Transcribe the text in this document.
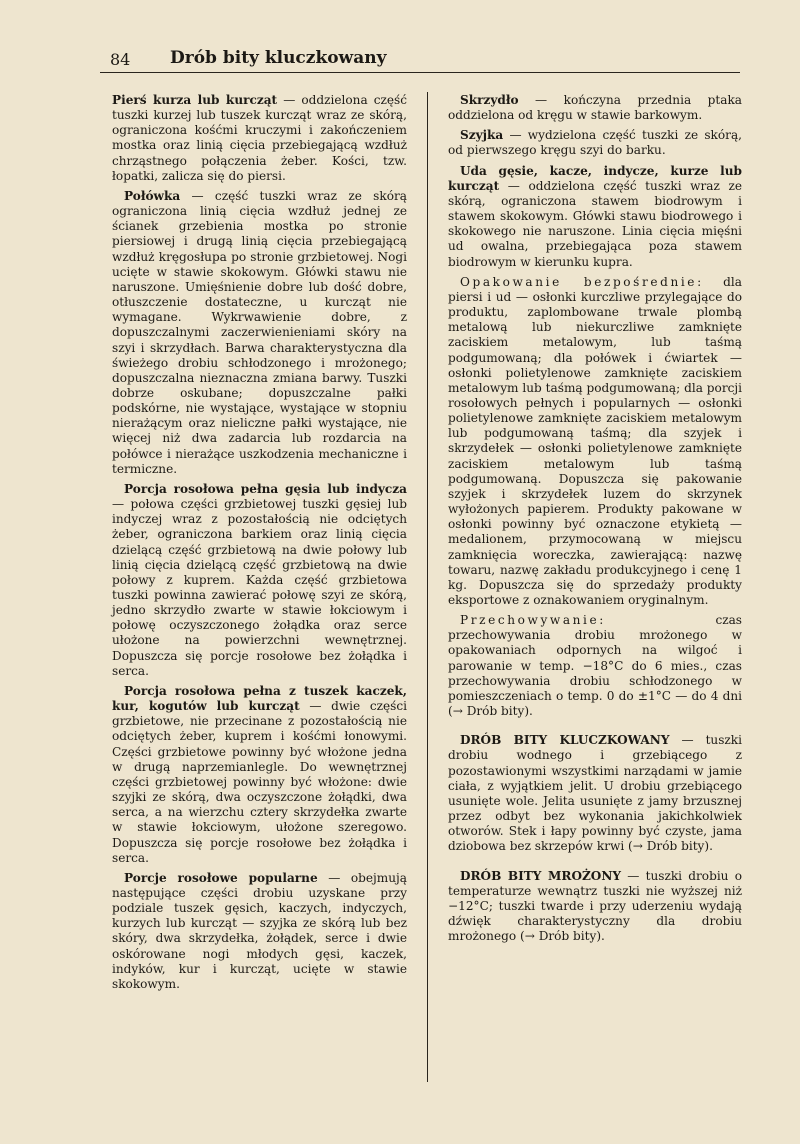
84 Drób bity kluczkowany

Pierś kurza lub kurcząt — oddzielona część tuszki kurzej lub tuszek kurcząt wraz ze skórą, ograniczona kośćmi kruczymi i zakończeniem mostka oraz linią cięcia przebiegającą wzdłuż chrząstnego połączenia żeber. Kości, tzw. łopatki, zalicza się do piersi.

Połówka — część tuszki wraz ze skórą ograniczona linią cięcia wzdłuż jednej ze ścianek grzebienia mostka po stronie piersiowej i drugą linią cięcia przebiegającą wzdłuż kręgosłupa po stronie grzbietowej. Nogi ucięte w stawie skokowym. Główki stawu nie naruszone. Umięśnienie dobre lub dość dobre, otłuszczenie dostateczne, u kurcząt nie wymagane. Wykrwawienie dobre, z dopuszczalnymi zaczerwienieniami skóry na szyi i skrzydłach. Barwa charakterystyczna dla świeżego drobiu schłodzonego i mrożonego; dopuszczalna nieznaczna zmiana barwy. Tuszki dobrze oskubane; dopuszczalne pałki podskórne, nie wystające, wystające w stopniu nierażącym oraz nieliczne pałki wystające, nie więcej niż dwa zadarcia lub rozdarcia na połówce i nierażące uszkodzenia mechaniczne i termiczne.

Porcja rosołowa pełna gęsia lub indyczа — połowa części grzbietowej tuszki gęsiej lub indyczej wraz z pozostałością nie odciętych żeber, ograniczona barkiem oraz linią cięcia dzielącą część grzbietową na dwie połowy lub linią cięcia dzielącą część grzbietową na dwie połowy z kuprem. Każda część grzbietowa tuszki powinna zawierać połowę szyi ze skórą, jedno skrzydło zwarte w stawie łokciowym i połowę oczyszczonego żołądka oraz serce ułożone na powierzchni wewnętrznej. Dopuszcza się porcje rosołowe bez żołądka i serca.

Porcja rosołowa pełna z tuszek kaczek, kur, kogutów lub kurcząt — dwie części grzbietowe, nie przecinane z pozostałością nie odciętych żeber, kuprem i kośćmi łonowymi. Części grzbietowe powinny być włożone jedna w drugą naprzemianlegle. Do wewnętrznej części grzbietowej powinny być włożone: dwie szyjki ze skórą, dwa oczyszczone żołądki, dwa serca, a na wierzchu cztery skrzydełka zwarte w stawie łokciowym, ułożone szeregowo. Dopuszcza się porcje rosołowe bez żołądka i serca.

Porcje rosołowe popularne — obejmują następujące części drobiu uzyskane przy podziale tuszek gęsich, kaczych, indyczych, kurzych lub kurcząt — szyjka ze skórą lub bez skóry, dwa skrzydełka, żołądek, serce i dwie oskórowane nogi młodych gęsi, kaczek, indyków, kur i kurcząt, ucięte w stawie skokowym.

Skrzydło — kończyna przednia ptaka oddzielona od kręgu w stawie barkowym.

Szyjka — wydzielona część tuszki ze skórą, od pierwszego kręgu szyi do barku.

Uda gęsie, kacze, indycze, kurze lub kurcząt — oddzielona część tuszki wraz ze skórą, ograniczona stawem biodrowym i stawem skokowym. Główki stawu biodrowego i skokowego nie naruszone. Linia cięcia mięśni ud owalna, przebiegająca poza stawem biodrowym w kierunku kupra.

Opakowanie bezpośrednie: dla piersi i ud — osłonki kurczliwe przylegające do produktu, zaplombowane trwale plombą metalową lub niekurczliwe zamknięte zaciskiem metalowym, lub taśmą podgumowaną; dla połówek i ćwiartek — osłonki polietylenowe zamknięte zaciskiem metalowym lub taśmą podgumowaną; dla porcji rosołowych pełnych i popularnych — osłonki polietylenowe zamknięte zaciskiem metalowym lub podgumowaną taśmą; dla szyjek i skrzydełek — osłonki polietylenowe zamknięte zaciskiem metalowym lub taśmą podgumowaną. Dopuszcza się pakowanie szyjek i skrzydełek luzem do skrzynek wyłożonych papierem. Produkty pakowane w osłonki powinny być oznaczone etykietą — medalionem, przymocowaną w miejscu zamknięcia woreczka, zawierającą: nazwę towaru, nazwę zakładu produkcyjnego i cenę 1 kg. Dopuszcza się do sprzedaży produkty eksportowe z oznakowaniem oryginalnym.

Przechowywanie: czas przechowywania drobiu mrożonego w opakowaniach odpornych na wilgoć i parowanie w temp. −18°C do 6 mies., czas przechowywania drobiu schłodzonego w pomieszczeniach o temp. 0 do ±1°C — do 4 dni (→ Drób bity).

DRÓB BITY KLUCZKOWANY — tuszki drobiu wodnego i grzebiącego z pozostawionymi wszystkimi narządami w jamie ciała, z wyjątkiem jelit. U drobiu grzebiącego usunięte wole. Jelita usunięte z jamy brzusznej przez odbyt bez wykonania jakichkolwiek otworów. Stek i łapy powinny być czyste, jama dziobowa bez skrzepów krwi (→ Drób bity).

DRÓB BITY MROŻONY — tuszki drobiu o temperaturze wewnątrz tuszki nie wyższej niż −12°C; tuszki twarde i przy uderzeniu wydają dźwięk charakterystyczny dla drobiu mrożonego (→ Drób bity).
